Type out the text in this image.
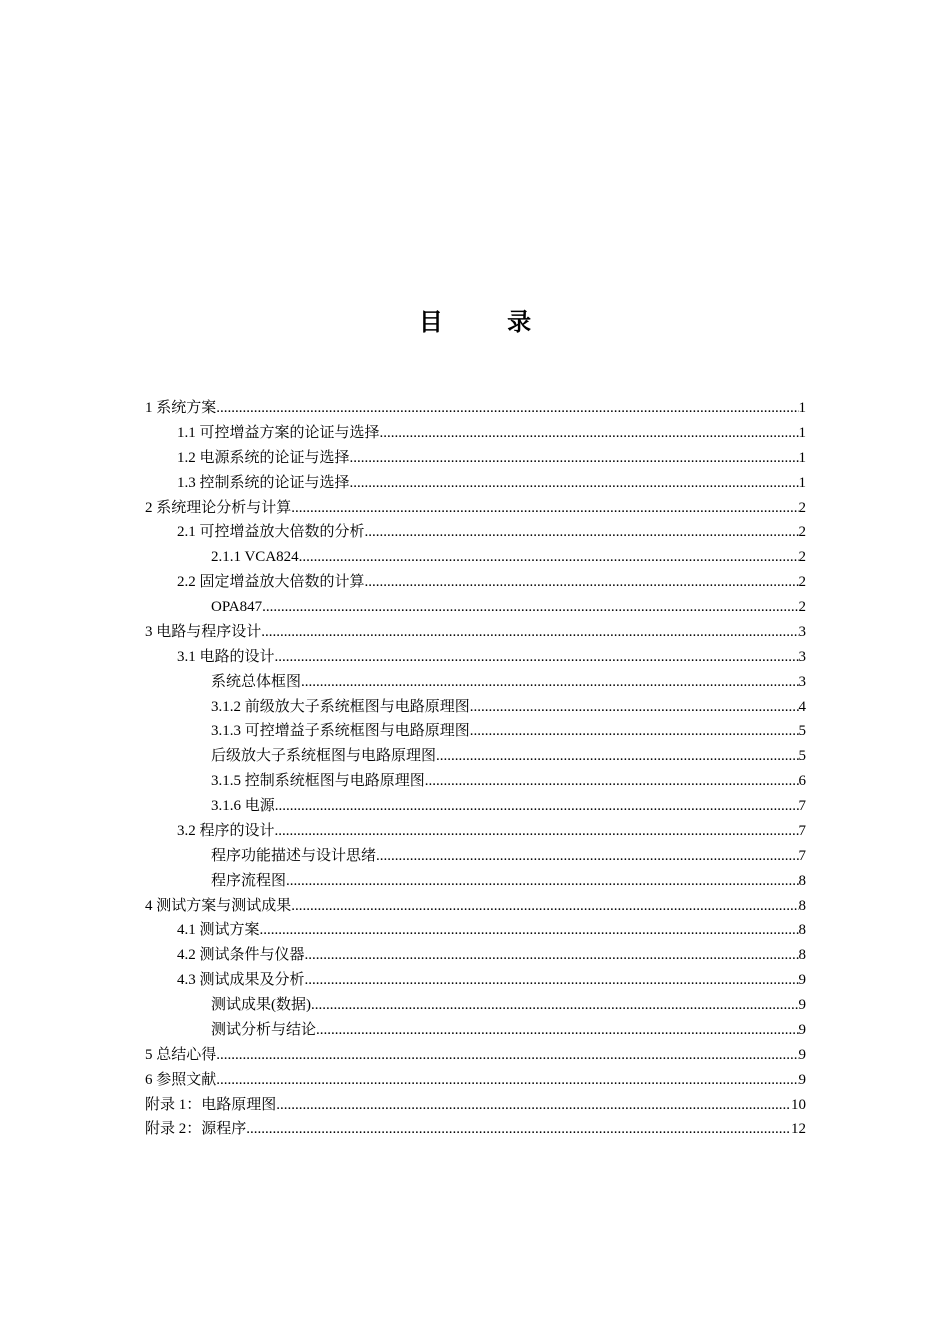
目 录
1 系统方案 .....	1
1.1 可控增益方案的论证与选择 .....	1
1.2 电源系统的论证与选择 .....	1
1.3 控制系统的论证与选择 .....	1
2 系统理论分析与计算 .....	2
2.1 可控增益放大倍数的分析 .....	2
2.1.1 VCA824 .....	2
2.2 固定增益放大倍数的计算 .....	2
OPA847 .....	2
3 电路与程序设计 .....	3
3.1 电路的设计 .....	3
系统总体框图 .....	3
3.1.2 前级放大子系统框图与电路原理图 .....	4
3.1.3 可控增益子系统框图与电路原理图 .....	5
后级放大子系统框图与电路原理图 .....	5
3.1.5 控制系统框图与电路原理图 .....	6
3.1.6 电源 .....	7
3.2 程序的设计 .....	7
程序功能描述与设计思绪 .....	7
程序流程图 .....	8
4 测试方案与测试成果 .....	8
4.1 测试方案 .....	8
4.2 测试条件与仪器 .....	8
4.3 测试成果及分析 .....	9
测试成果(数据) .....	9
测试分析与结论 .....	9
5 总结心得 .....	9
6 参照文献 .....	9
附录 1：电路原理图 .....	10
附录 2：源程序 .....	12
